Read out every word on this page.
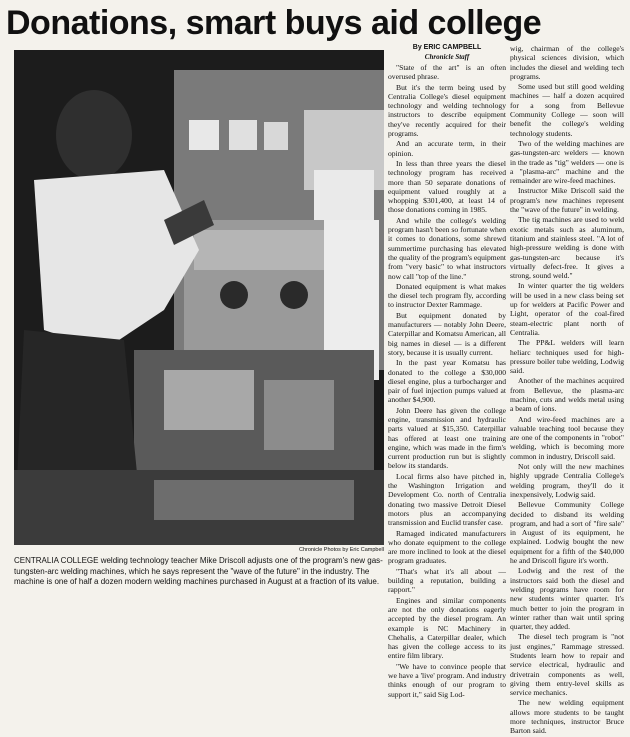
Donations, smart buys aid college
Chronicle Photos by Eric Campbell

CENTRALIA COLLEGE welding technology teacher Mike Driscoll adjusts one of the program's new gas-tungsten-arc welding machines, which he says represent the "wave of the future" in the industry. The machine is one of half a dozen modern welding machines purchased in August at a fraction of its value.

By ERIC CAMPBELL
Chronicle Staff

"State of the art" is an often overused phrase.

But it's the term being used by Centralia College's diesel equipment technology and welding technology instructors to describe equipment they've recently acquired for their programs.

And an accurate term, in their opinion.

In less than three years the diesel technology program has received more than 50 separate donations of equipment valued roughly at a whopping $301,400, at least 14 of those donations coming in 1985.

And while the college's welding program hasn't been so fortunate when it comes to donations, some shrewd summertime purchasing has elevated the quality of the program's equipment from "very basic" to what instructors now call "top of the line."

Donated equipment is what makes the diesel tech program fly, according to instructor Dexter Rammage.

But equipment donated by manufacturers — notably John Deere, Caterpillar and Komatsu American, all big names in diesel — is a different story, because it is usually current.

In the past year Komatsu has donated to the college a $30,000 diesel engine, plus a turbocharger and pair of fuel injection pumps valued at another $4,900.

John Deere has given the college engine, transmission and hydraulic parts valued at $15,350. Caterpillar has offered at least one training engine, which was made in the firm's current production run but is slightly below its standards.

Local firms also have pitched in, the Washington Irrigation and Development Co. north of Centralia donating two massive Detroit Diesel motors plus an accompanying transmission and Euclid transfer case.

Ramaged indicated manufacturers who donate equipment to the college are more inclined to look at the diesel program graduates.

"That's what it's all about — building a reputation, building a rapport."

Engines and similar components are not the only donations eagerly accepted by the diesel program. An example is NC Machinery in Chehalis, a Caterpillar dealer, which has given the college access to its entire film library.

"We have to convince people that we have a 'live' program. And industry thinks enough of our program to support it," said Sig Lod-

wig, chairman of the college's physical sciences division, which includes the diesel and welding tech programs.

Some used but still good welding machines — half a dozen acquired for a song from Bellevue Community College — soon will benefit the college's welding technology students.

Two of the welding machines are gas-tungsten-arc welders — known in the trade as "tig" welders — one is a "plasma-arc" machine and the remainder are wire-feed machines.

Instructor Mike Driscoll said the program's new machines represent the "wave of the future" in welding.

The tig machines are used to weld exotic metals such as aluminum, titanium and stainless steel. "A lot of high-pressure welding is done with gas-tungsten-arc because it's virtually defect-free. It gives a strong, sound weld."

In winter quarter the tig welders will be used in a new class being set up for welders at Pacific Power and Light, operator of the coal-fired steam-electric plant north of Centralia.

The PP&L welders will learn heliarc techniques used for high-pressure boiler tube welding, Lodwig said.

Another of the machines acquired from Bellevue, the plasma-arc machine, cuts and welds metal using a beam of ions.

And wire-feed machines are a valuable teaching tool because they are one of the components in "robot" welding, which is becoming more common in industry, Driscoll said.

Not only will the new machines highly upgrade Centralia College's welding program, they'll do it inexpensively, Lodwig said.

Bellevue Community College decided to disband its welding program, and had a sort of "fire sale" in August of its equipment, he explained. Lodwig bought the new equipment for a fifth of the $40,000 he and Driscoll figure it's worth.

Lodwig and the rest of the instructors said both the diesel and welding programs have room for new students winter quarter. It's much better to join the program in winter rather than wait until spring quarter, they added.

The diesel tech program is "not just engines," Rammage stressed. Students learn how to repair and service electrical, hydraulic and drivetrain components as well, giving them entry-level skills as service mechanics.

The new welding equipment allows more students to be taught more techniques, instructor Bruce Barton said.
